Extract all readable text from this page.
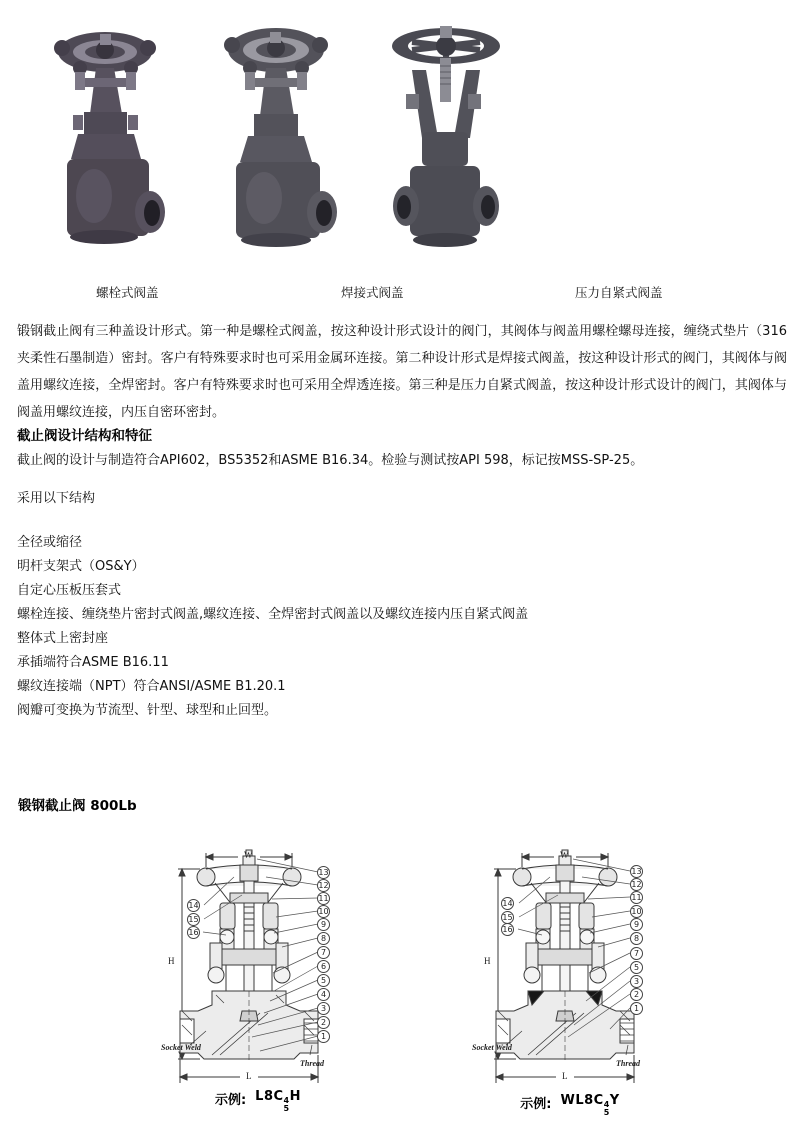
螺栓式阀盖	焊接式阀盖	压力自紧式阀盖
锻钢截止阀有三种盖设计形式。第一种是螺栓式阀盖，按这种设计形式设计的阀门，其阀体与阀盖用螺栓螺母连接，缠绕式垫片（316夹柔性石墨制造）密封。客户有特殊要求时也可采用金属环连接。第二种设计形式是焊接式阀盖，按这种设计形式的阀门，其阀体与阀盖用螺纹连接，全焊密封。客户有特殊要求时也可采用全焊透连接。第三种是压力自紧式阀盖，按这种设计形式设计的阀门，其阀体与阀盖用螺纹连接，内压自密环密封。
截止阀设计结构和特征
截止阀的设计与制造符合API602，BS5352和ASME B16.34。检验与测试按API 598，标记按MSS-SP-25。
采用以下结构
全径或缩径
明杆支架式（OS&Y）
自定心压板压套式
螺栓连接、缠绕垫片密封式阀盖,螺纹连接、全焊密封式阀盖以及螺纹连接内压自紧式阀盖
整体式上密封座
承插端符合ASME B16.11
螺纹连接端（NPT）符合ANSI/ASME B1.20.1
阀瓣可变换为节流型、针型、球型和止回型。
锻钢截止阀 800Lb
13
12
11
10
9
8
7
6
5
4
3
2
1
14
15
16
W
H
L
Socket Weld
Thread
示例: L8C 4
5
H
13
12
11
10
9
8
7
5
3
2
1
14
15
16
W
H
L
Socket Weld
Thread
示例: WL8C 4
5
Y
